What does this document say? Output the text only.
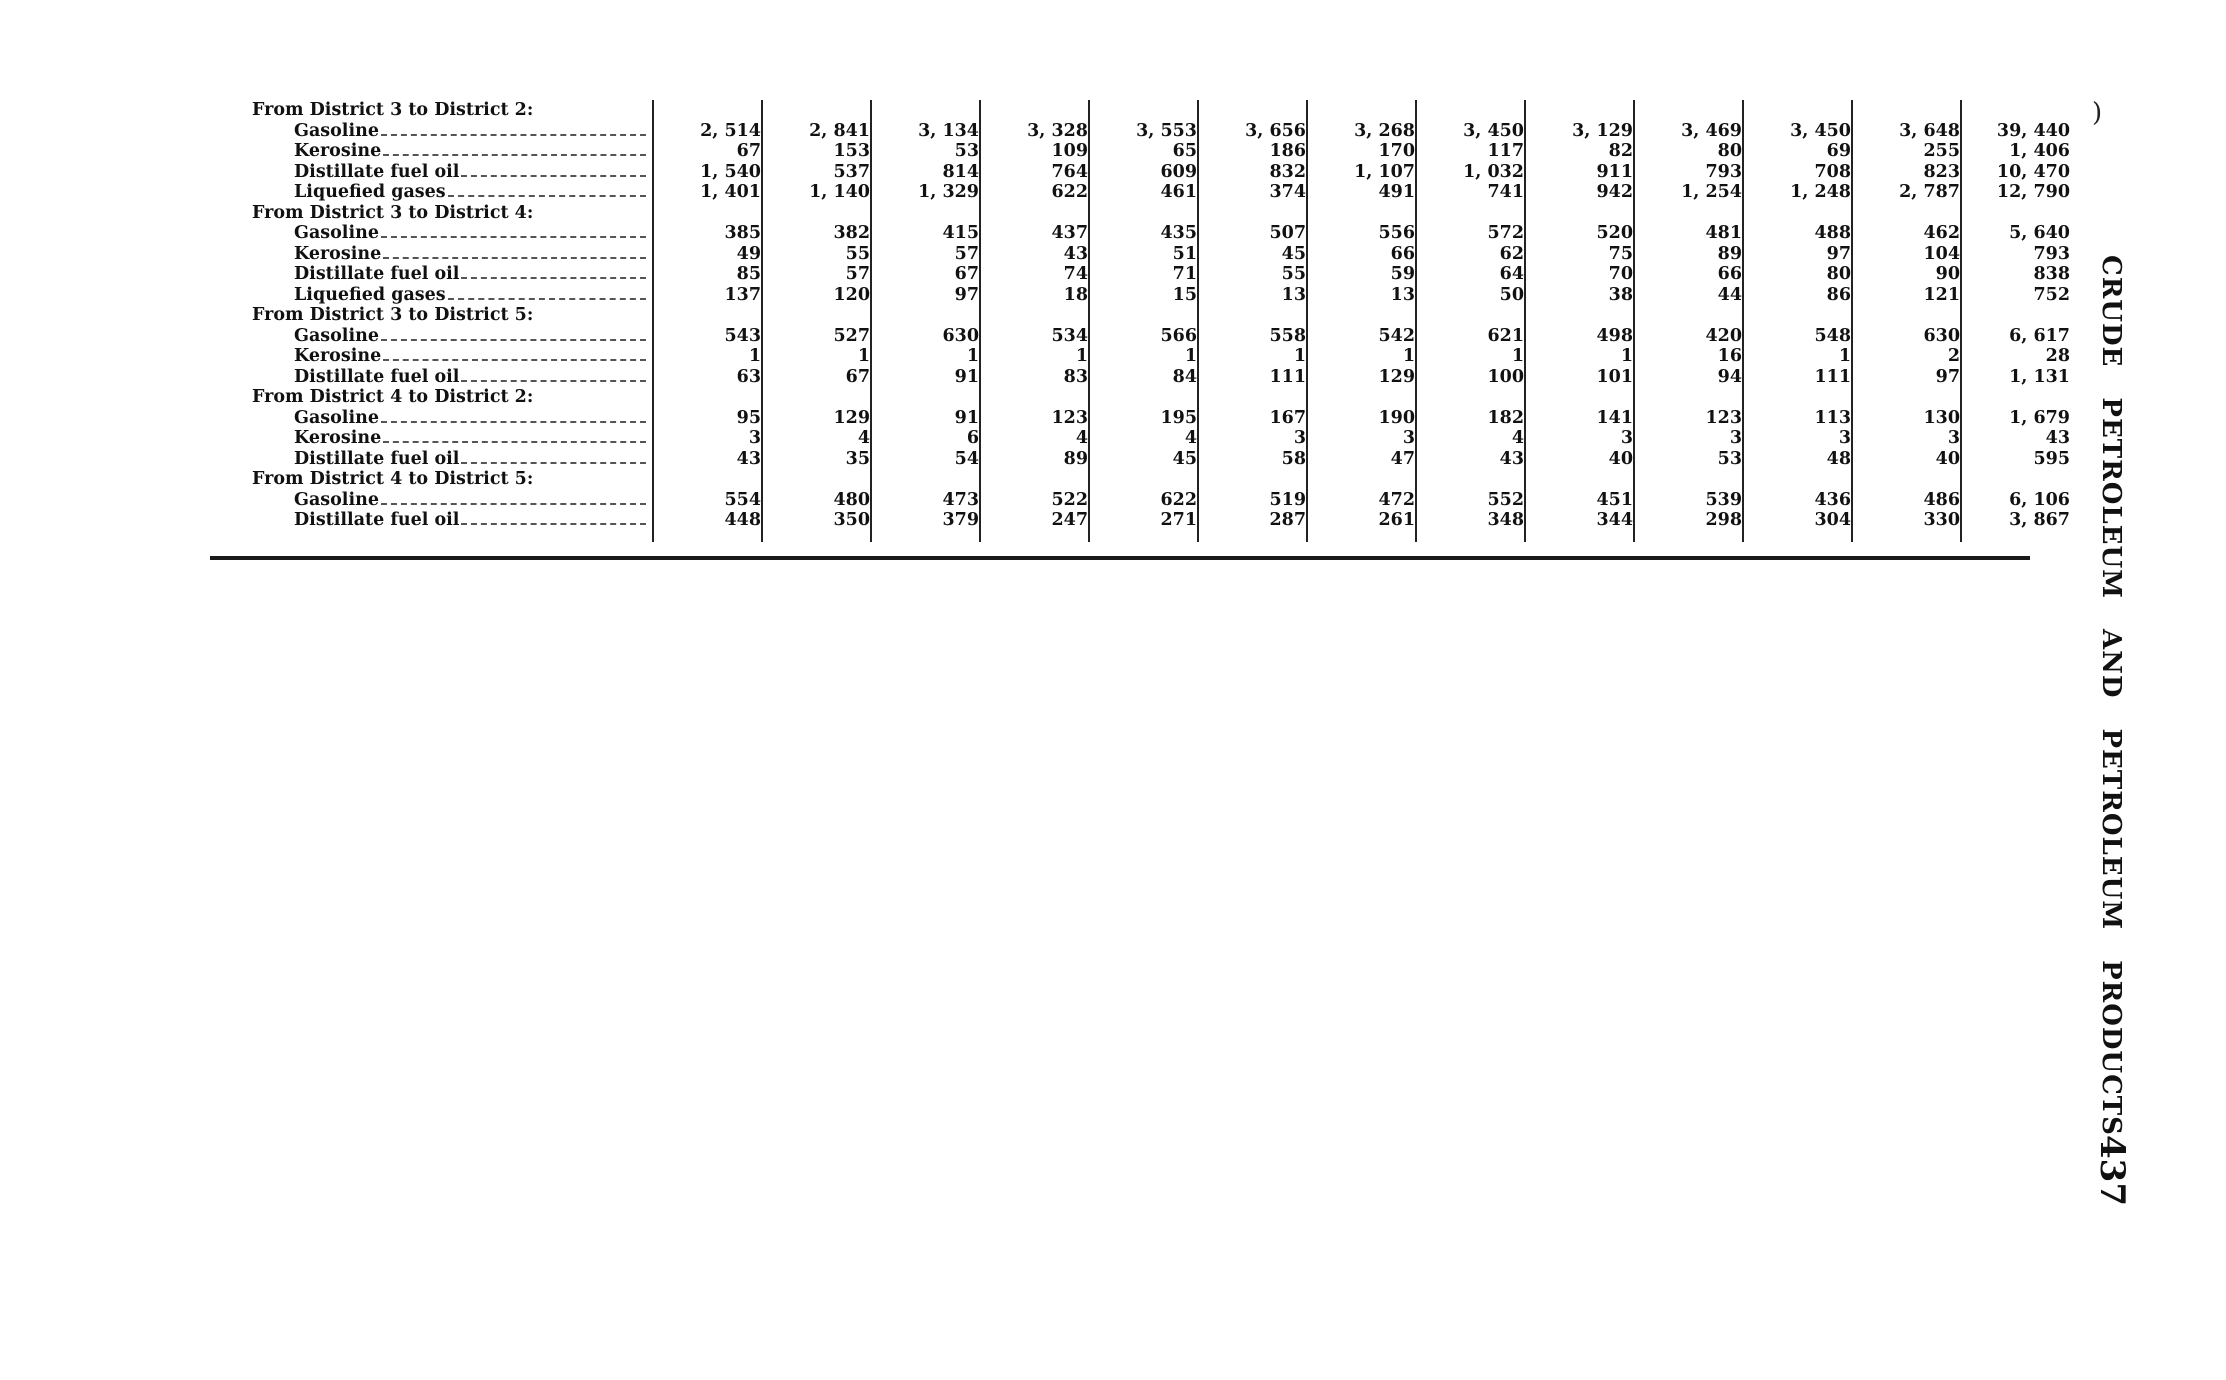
From District 3 to District 2:													

Gasoline	2, 514	2, 841	3, 134	3, 328	3, 553	3, 656	3, 268	3, 450	3, 129	3, 469	3, 450	3, 648	39, 440

Kerosine	67	153	53	109	65	186	170	117	82	80	69	255	1, 406

Distillate fuel oil	1, 540	537	814	764	609	832	1, 107	1, 032	911	793	708	823	10, 470

Liquefied gases	1, 401	1, 140	1, 329	622	461	374	491	741	942	1, 254	1, 248	2, 787	12, 790
From District 3 to District 4:													

Gasoline	385	382	415	437	435	507	556	572	520	481	488	462	5, 640

Kerosine	49	55	57	43	51	45	66	62	75	89	97	104	793

Distillate fuel oil	85	57	67	74	71	55	59	64	70	66	80	90	838

Liquefied gases	137	120	97	18	15	13	13	50	38	44	86	121	752
From District 3 to District 5:													

Gasoline	543	527	630	534	566	558	542	621	498	420	548	630	6, 617

Kerosine	1	1	1	1	1	1	1	1	1	16	1	2	28

Distillate fuel oil	63	67	91	83	84	111	129	100	101	94	111	97	1, 131
From District 4 to District 2:													

Gasoline	95	129	91	123	195	167	190	182	141	123	113	130	1, 679

Kerosine	3	4	6	4	4	3	3	4	3	3	3	3	43

Distillate fuel oil	43	35	54	89	45	58	47	43	40	53	48	40	595
From District 4 to District 5:													

Gasoline	554	480	473	522	622	519	472	552	451	539	436	486	6, 106

Distillate fuel oil	448	350	379	247	271	287	261	348	344	298	304	330	3, 867
)
CRUDE PETROLEUM AND PETROLEUM PRODUCTS
437
